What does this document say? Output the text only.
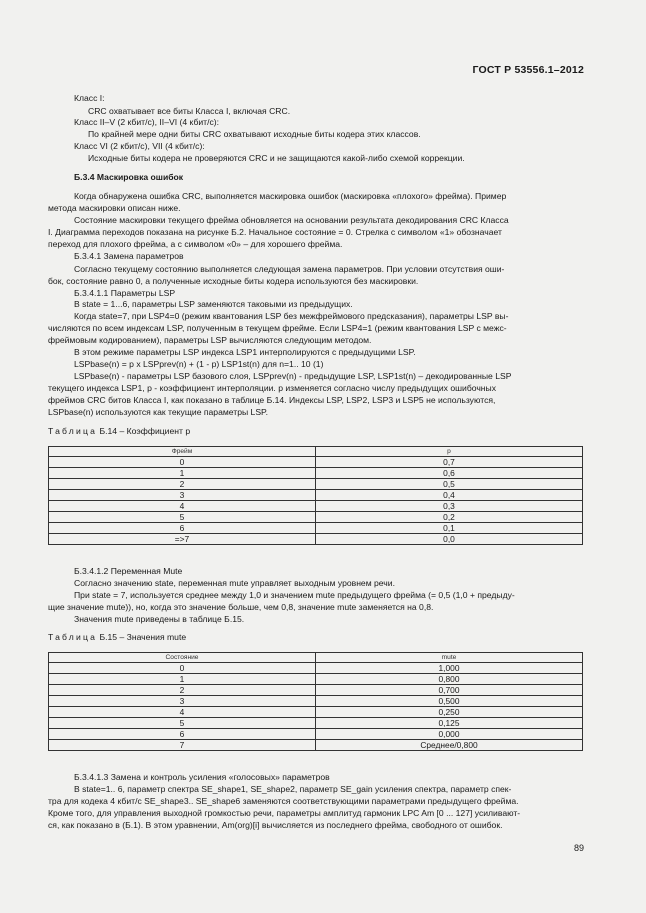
ГОСТ Р 53556.1–2012
Класс I:
CRC охватывает все биты Класса I, включая CRC.
Класс II–V (2 кбит/с), II–VI (4 кбит/с):
По крайней мере одни биты CRC охватывают исходные биты кодера этих классов.
Класс VI (2 кбит/с), VII (4 кбит/с):
Исходные биты кодера не проверяются CRC и не защищаются какой-либо схемой коррекции.
Б.3.4 Маскировка ошибок
Когда обнаружена ошибка CRC, выполняется маскировка ошибок (маскировка «плохого» фрейма). Пример
метода маскировки описан ниже.
Состояние маскировки текущего фрейма обновляется на основании результата декодирования CRC Класса
I. Диаграмма переходов показана на рисунке Б.2. Начальное состояние = 0. Стрелка с символом «1» обозначает
переход для плохого фрейма, а с символом «0» – для хорошего фрейма.
Б.3.4.1 Замена параметров
Согласно текущему состоянию выполняется следующая замена параметров. При условии отсутствия оши-
бок, состояние равно 0, а полученные исходные биты кодера используются без маскировки.
Б.3.4.1.1 Параметры LSP
В state = 1...6, параметры LSP заменяются таковыми из предыдущих.
Когда state=7, при LSP4=0 (режим квантования LSP без межфреймового предсказания), параметры LSP вы-
числяются по всем индексам LSP, полученным в текущем фрейме. Если LSP4=1 (режим квантования LSP с межс-
фреймовым кодированием), параметры LSP вычисляются следующим методом.
В этом режиме параметры LSP индекса LSP1 интерполируются с предыдущими LSP.
LSPbase(n) = p x LSPprev(n) + (1 - p) LSP1st(n) для n=1.. 10 (1)
LSPbase(n) - параметры LSP базового слоя, LSPprev(n) - предыдущие LSP, LSP1st(n) – декодированные LSP
текущего индекса LSP1, p - коэффициент интерполяции. p изменяется согласно числу предыдущих ошибочных
фреймов CRC битов Класса I, как показано в таблице Б.14. Индексы LSP, LSP2, LSP3 и LSP5 не используются,
LSPbase(n) используются как текущие параметры LSP.
Таблица Б.14 – Коэффициент p
Фрейм	p
0	0,7
1	0,6
2	0,5
3	0,4
4	0,3
5	0,2
6	0,1
=>7	0,0
Б.3.4.1.2 Переменная Mute
Согласно значению state, переменная mute управляет выходным уровнем речи.
При state = 7, используется среднее между 1,0 и значением mute предыдущего фрейма (= 0,5 (1,0 + предыду-
щие значение mute)), но, когда это значение больше, чем 0,8, значение mute заменяется на 0,8.
Значения mute приведены в таблице Б.15.
Таблица Б.15 – Значения mute
Состояние	mute
0	1,000
1	0,800
2	0,700
3	0,500
4	0,250
5	0,125
6	0,000
7	Среднее/0,800
Б.3.4.1.3 Замена и контроль усиления «голосовых» параметров
В state=1.. 6, параметр спектра SE_shape1, SE_shape2, параметр SE_gain усиления спектра, параметр спек-
тра для кодека 4 кбит/с SE_shape3.. SE_shape6 заменяются соответствующими параметрами предыдущего фрейма.
Кроме того, для управления выходной громкостью речи, параметры амплитуд гармоник LPC Am [0 ... 127] усиливают-
ся, как показано в (Б.1). В этом уравнении, Am(org)[i] вычисляется из последнего фрейма, свободного от ошибок.
89
